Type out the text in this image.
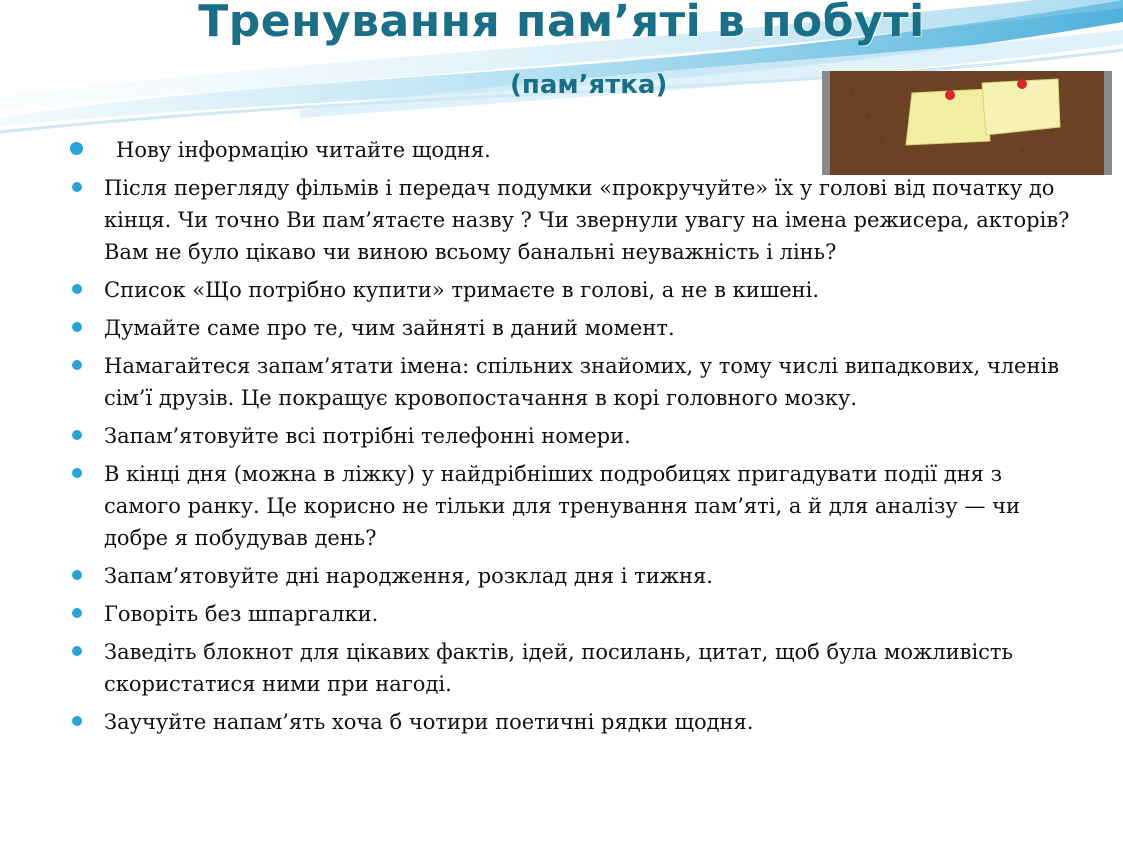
Тренування пам’яті в побуті
(пам’ятка)
Нову інформацію читайте щодня.
Після перегляду фільмів і передач подумки «прокручуйте» їх у голові від початку до кінця. Чи точно Ви пам’ятаєте назву ? Чи звернули увагу на імена режисера, акторів? Вам не було цікаво чи виною всьому банальні неуважність і лінь?
Список «Що потрібно купити» тримаєте в голові, а не в кишені.
Думайте саме про те, чим зайняті в даний момент.
Намагайтеся запам’ятати імена: спільних знайомих, у тому числі випадкових, членів сім’ї друзів. Це покращує кровопостачання в корі головного мозку.
Запам’ятовуйте всі потрібні телефонні номери.
В кінці дня (можна в ліжку) у найдрібніших подробицях пригадувати події дня з самого ранку. Це корисно не тільки для тренування пам’яті, а й для аналізу — чи добре я побудував день?
Запам’ятовуйте дні народження, розклад дня і тижня.
Говоріть без шпаргалки.
Заведіть блокнот для цікавих фактів, ідей, посилань, цитат, щоб була можливість скористатися ними при нагоді.
Заучуйте напам’ять хоча б чотири поетичні рядки щодня.
